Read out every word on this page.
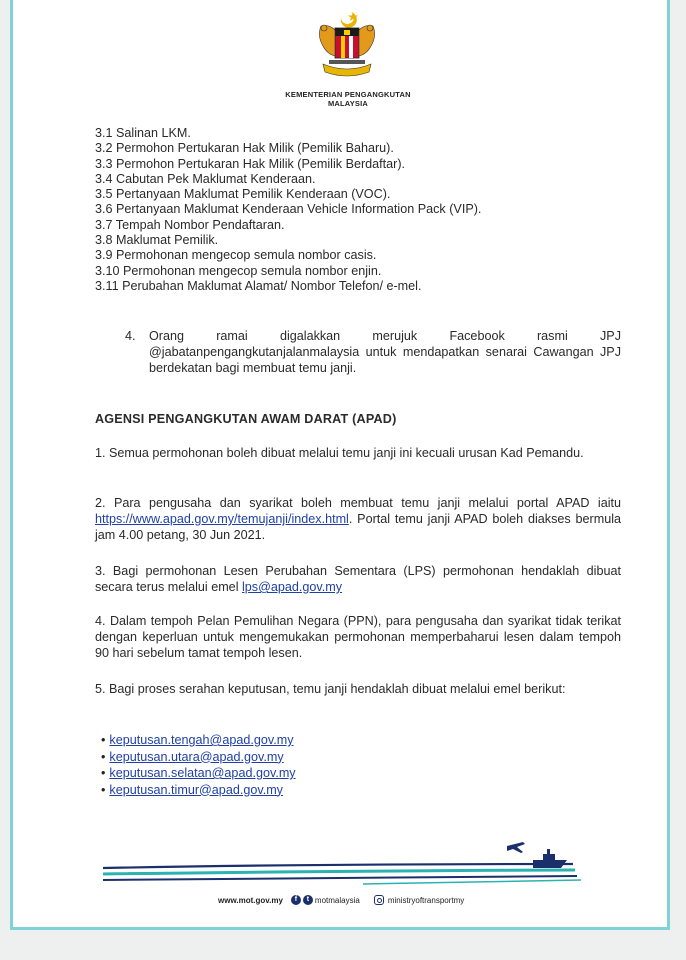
KEMENTERIAN PENGANGKUTAN
MALAYSIA
3.1 Salinan LKM.
3.2 Permohon Pertukaran Hak Milik (Pemilik Baharu).
3.3 Permohon Pertukaran Hak Milik (Pemilik Berdaftar).
3.4 Cabutan Pek Maklumat Kenderaan.
3.5 Pertanyaan Maklumat Pemilik Kenderaan (VOC).
3.6 Pertanyaan Maklumat Kenderaan Vehicle Information Pack (VIP).
3.7 Tempah Nombor Pendaftaran.
3.8 Maklumat Pemilik.
3.9 Permohonan mengecop semula nombor casis.
3.10 Permohonan mengecop semula nombor enjin.
3.11 Perubahan Maklumat Alamat/ Nombor Telefon/ e-mel.
4. Orang ramai digalakkan merujuk Facebook rasmi JPJ @jabatanpengangkutanjalanmalaysia untuk mendapatkan senarai Cawangan JPJ berdekatan bagi membuat temu janji.
AGENSI PENGANGKUTAN AWAM DARAT (APAD)
1. Semua permohonan boleh dibuat melalui temu janji ini kecuali urusan Kad Pemandu.
2. Para pengusaha dan syarikat boleh membuat temu janji melalui portal APAD iaitu https://www.apad.gov.my/temujanji/index.html. Portal temu janji APAD boleh diakses bermula jam 4.00 petang, 30 Jun 2021.
3. Bagi permohonan Lesen Perubahan Sementara (LPS) permohonan hendaklah dibuat secara terus melalui emel lps@apad.gov.my
4. Dalam tempoh Pelan Pemulihan Negara (PPN), para pengusaha dan syarikat tidak terikat dengan keperluan untuk mengemukakan permohonan memperbaharui lesen dalam tempoh 90 hari sebelum tamat tempoh lesen.
5. Bagi proses serahan keputusan, temu janji hendaklah dibuat melalui emel berikut:
• keputusan.tengah@apad.gov.my
• keputusan.utara@apad.gov.my
• keputusan.selatan@apad.gov.my
• keputusan.timur@apad.gov.my
www.mot.gov.my	f	t motmalaysia	ministryoftransportmy
